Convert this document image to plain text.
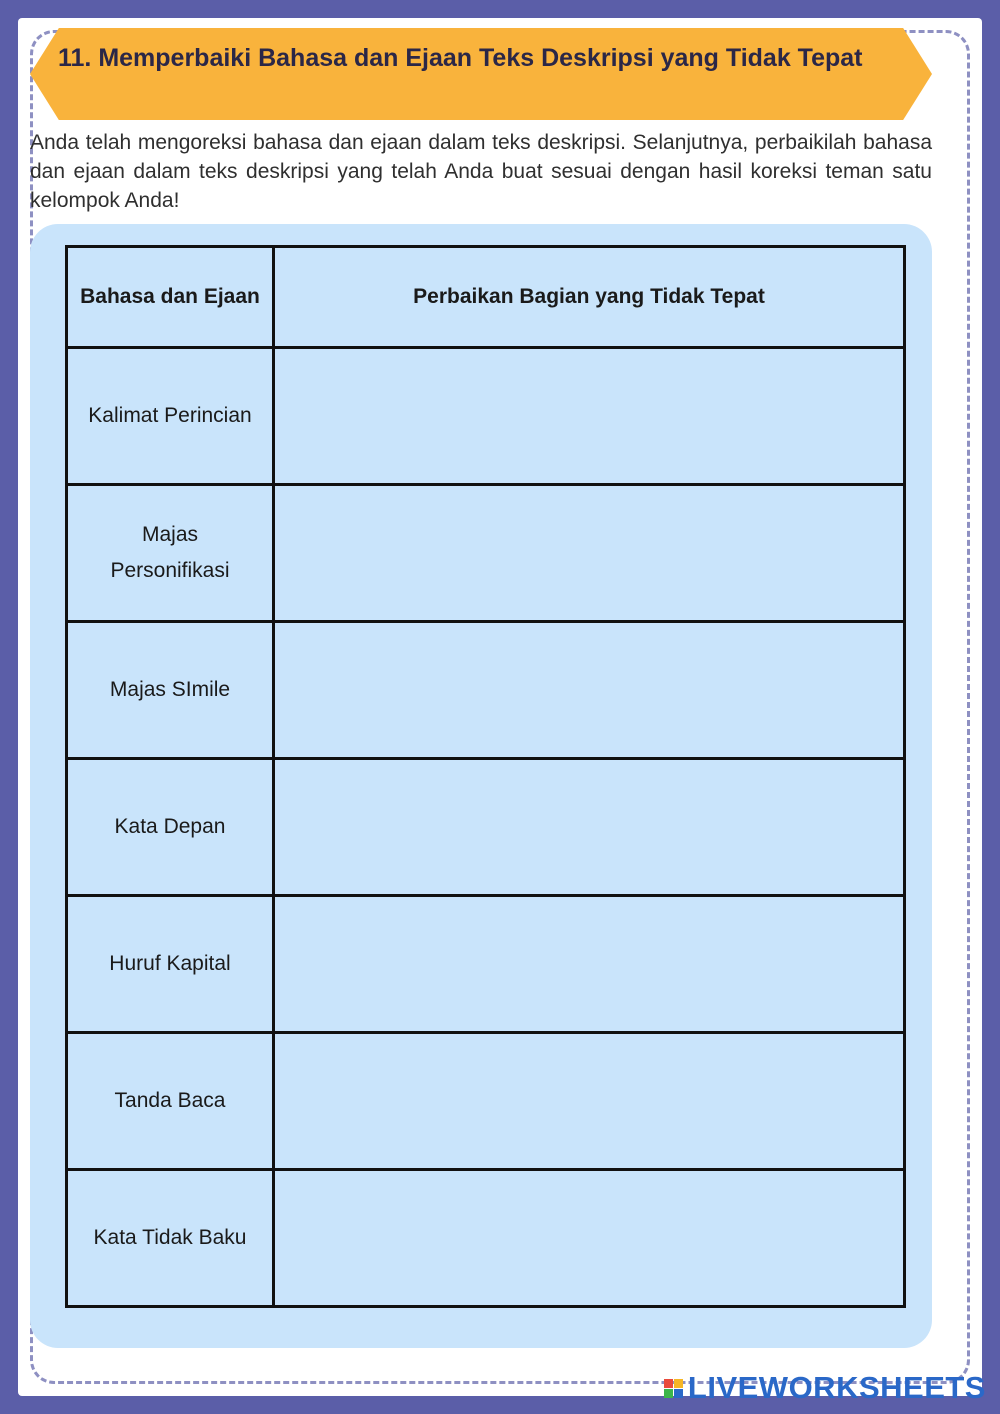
11. Memperbaiki Bahasa dan Ejaan Teks Deskripsi yang Tidak Tepat

Anda telah mengoreksi bahasa dan ejaan dalam teks deskripsi. Selanjutnya, perbaikilah bahasa dan ejaan dalam teks deskripsi yang telah Anda buat sesuai dengan hasil koreksi teman satu kelompok Anda!

Bahasa dan Ejaan	Perbaikan Bagian yang Tidak Tepat
Kalimat Perincian	
Majas Personifikasi	
Majas SImile	
Kata Depan	
Huruf Kapital	
Tanda Baca	
Kata Tidak Baku	
LIVEWORKSHEETS
